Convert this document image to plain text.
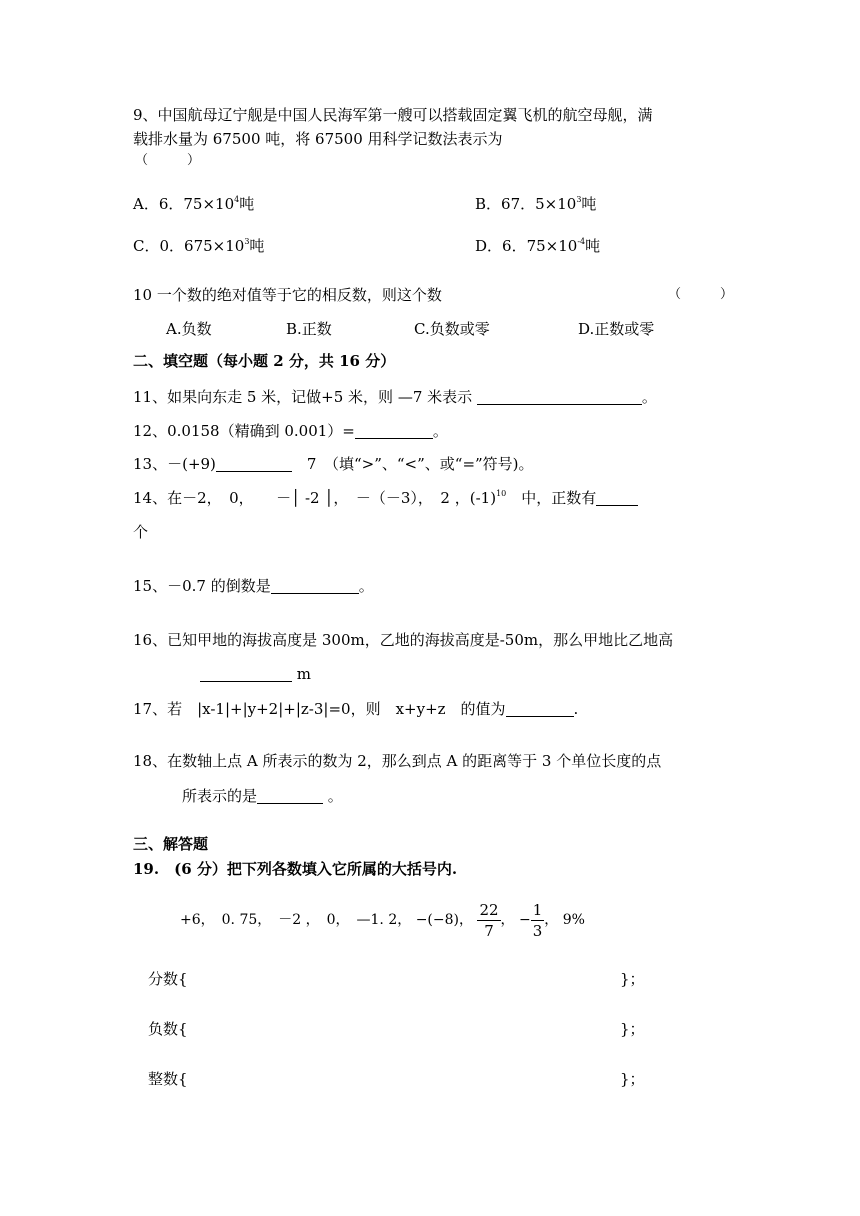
9、中国航母辽宁舰是中国人民海军第一艘可以搭载固定翼飞机的航空母舰，满
载排水量为 67500 吨，将 67500 用科学记数法表示为
（　　　）
A．6．$75\times 10^4$吨	B．67．$5\times 10^3$吨
C．0．$675\times 10^3$吨	D．6．$75\times 10^{-4}$吨
10 一个数的绝对值等于它的相反数，则这个数	（　　　）
A.负数	B.正数	C.负数或零	D.正数或零
二、填空题（每小题 2 分，共 16 分）
11、如果向东走 5 米，记做+5 米，则 —7 米表示	。
12、0.0158（精确到 0.001）=	。
13、－(+9)　	7　（填“>”、“<”、或“=”符号)。
14、在－2，　0，　　－│ -2 │，　－（－3），　2 ，$(-1)^{10}$　中，正数有
个
15、－0.7 的倒数是	。
16、已知甲地的海拔高度是 300m，乙地的海拔高度是-50m，那么甲地比乙地高
m
17、若　|x-1|+|y+2|+|z-3|=0，则　x+y+z　的值为	.
18、在数轴上点 A 所表示的数为 2，那么到点 A 的距离等于 3 个单位长度的点
所表示的是	。
三、解答题
19.　(6 分）把下列各数填入它所属的大括号内.
+6，　0. 75，　－2 ，　0，　—1. 2， −(−8)， $\frac{22}{7}$ ， − $\frac{1}{3}$ ， 9%
分数{	}；
负数{	}；
整数{	}；
